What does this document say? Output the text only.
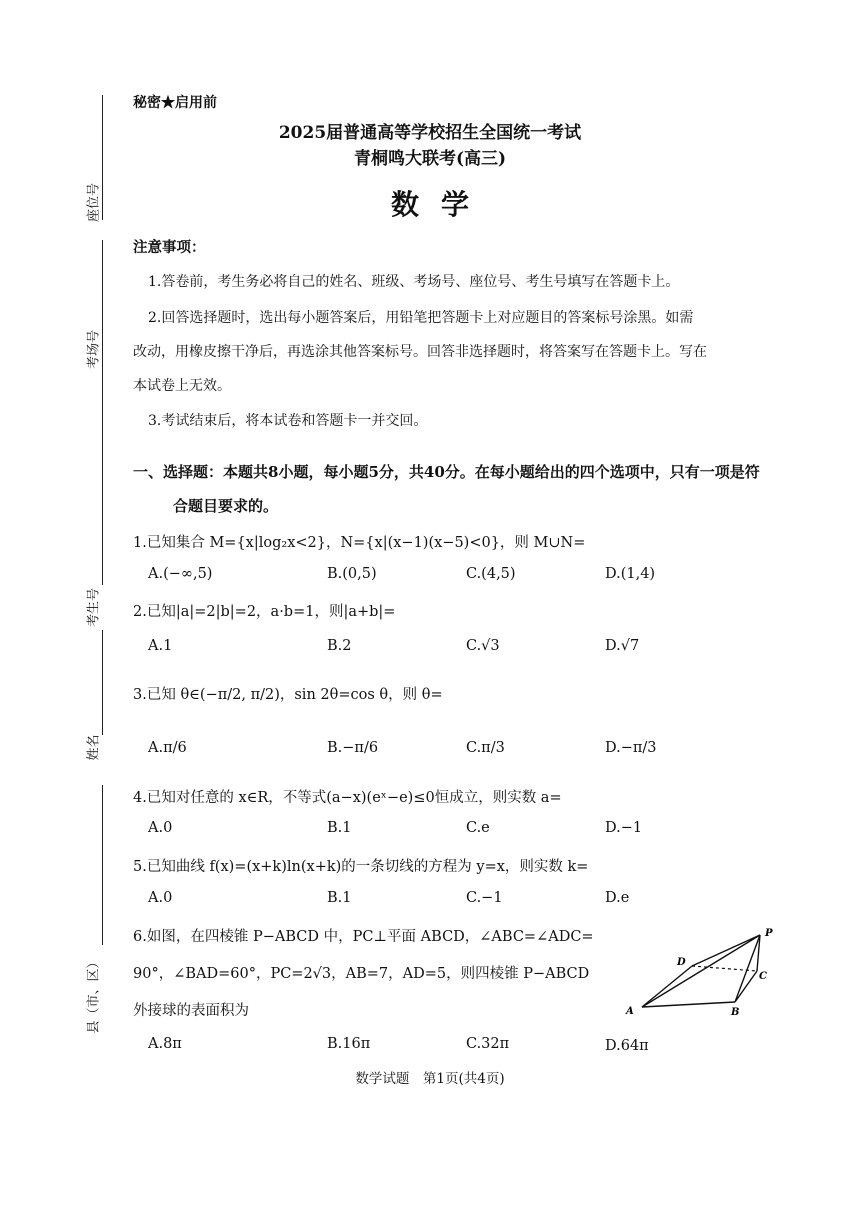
座位号
考场号
考生号
姓名
县（市、区）
秘密★启用前
2025届普通高等学校招生全国统一考试
青桐鸣大联考(高三)
数学
注意事项：
1.答卷前，考生务必将自己的姓名、班级、考场号、座位号、考生号填写在答题卡上。
2.回答选择题时，选出每小题答案后，用铅笔把答题卡上对应题目的答案标号涂黑。如需
改动，用橡皮擦干净后，再选涂其他答案标号。回答非选择题时，将答案写在答题卡上。写在
本试卷上无效。
3.考试结束后，将本试卷和答题卡一并交回。
一、选择题：本题共8小题，每小题5分，共40分。在每小题给出的四个选项中，只有一项是符
合题目要求的。
1.已知集合 M={x|log₂x<2}，N={x|(x−1)(x−5)<0}，则 M∪N=
A.(−∞,5)	B.(0,5)	C.(4,5)	D.(1,4)
2.已知|a|=2|b|=2，a·b=1，则|a+b|=
A.1	B.2	C.√3	D.√7
3.已知 θ∈(−π/2, π/2)，sin 2θ=cos θ，则 θ=
A.π/6	B.−π/6	C.π/3	D.−π/3
4.已知对任意的 x∈R，不等式(a−x)(eˣ−e)≤0恒成立，则实数 a=
A.0	B.1	C.e	D.−1
5.已知曲线 f(x)=(x+k)ln(x+k)的一条切线的方程为 y=x，则实数 k=
A.0	B.1	C.−1	D.e
6.如图，在四棱锥 P−ABCD 中，PC⊥平面 ABCD，∠ABC=∠ADC=
90°，∠BAD=60°，PC=2√3，AB=7，AD=5，则四棱锥 P−ABCD
外接球的表面积为
A.8π	B.16π	C.32π	D.64π
P
D
C
A	B
数学试题　第1页(共4页)
